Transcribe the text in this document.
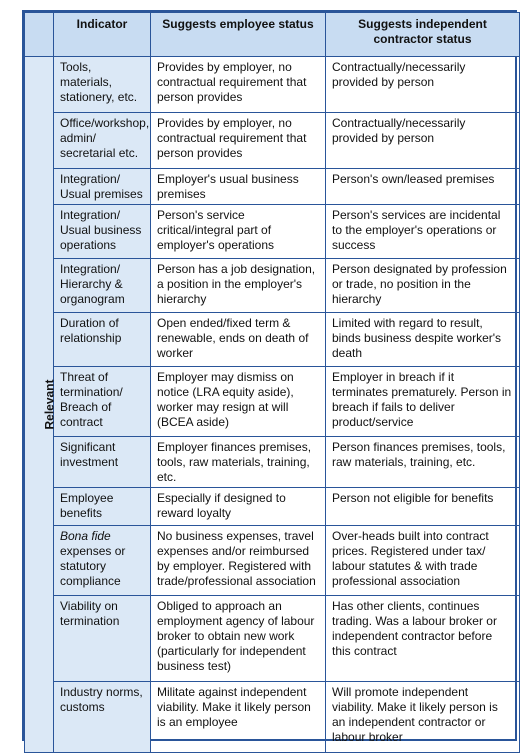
	Indicator	Suggests employee status	Suggests independent contractor status
Relevant	Tools, materials, stationery, etc.	Provides by employer, no contractual requirement that person provides	Contractually/necessarily provided by person
	Office/workshop, admin/ secretarial etc.	Provides by employer, no contractual requirement that person provides	Contractually/necessarily provided by person
	Integration/ Usual premises	Employer's usual business premises	Person's own/leased premises
	Integration/ Usual business operations	Person's service critical/integral part of employer's operations	Person's services are incidental to the employer's operations or success
	Integration/ Hierarchy & organogram	Person has a job designation, a position in the employer's hierarchy	Person designated by profession or trade, no position in the hierarchy
	Duration of relationship	Open ended/fixed term & renewable, ends on death of worker	Limited with regard to result, binds business despite worker's death
	Threat of termination/ Breach of contract	Employer may dismiss on notice (LRA equity aside), worker may resign at will (BCEA aside)	Employer in breach if it terminates prematurely. Person in breach if fails to deliver product/service
	Significant investment	Employer finances premises, tools, raw materials, training, etc.	Person finances premises, tools, raw materials, training, etc.
	Employee benefits	Especially if designed to reward loyalty	Person not eligible for benefits
	Bona fide expenses or statutory compliance	No business expenses, travel expenses and/or reimbursed by employer. Registered with trade/professional association	Over-heads built into contract prices. Registered under tax/ labour statutes & with trade professional association
	Viability on termination	Obliged to approach an employment agency of labour broker to obtain new work (particularly for independent business test)	Has other clients, continues trading. Was a labour broker or independent contractor before this contract
	Industry norms, customs	Militate against independent viability. Make it likely person is an employee	Will promote independent viability. Make it likely person is an independent contractor or labour broker
